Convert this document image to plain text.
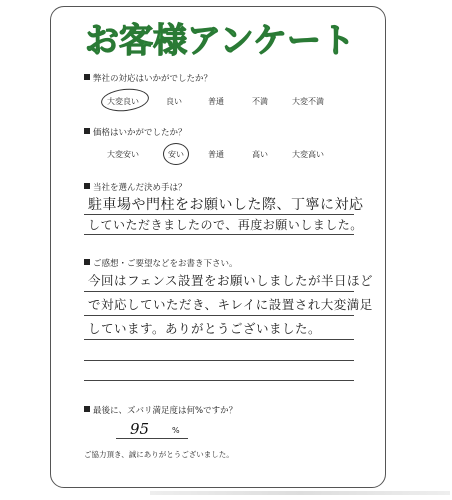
お客様アンケート
弊社の対応はいかがでしたか？
大変良い	良い	普通	不満	大変不満
価格はいかがでしたか？
大変安い	安い	普通	高い	大変高い
当社を選んだ決め手は？
駐車場や門柱をお願いした際、丁寧に対応
していただきましたので、再度お願いしました。
ご感想・ご要望などをお書き下さい。
今回はフェンス設置をお願いしましたが半日ほど
で対応していただき、キレイに設置され大変満足
しています。ありがとうございました。
最後に、ズバリ満足度は何%ですか？
95	%
ご協力頂き、誠にありがとうございました。
